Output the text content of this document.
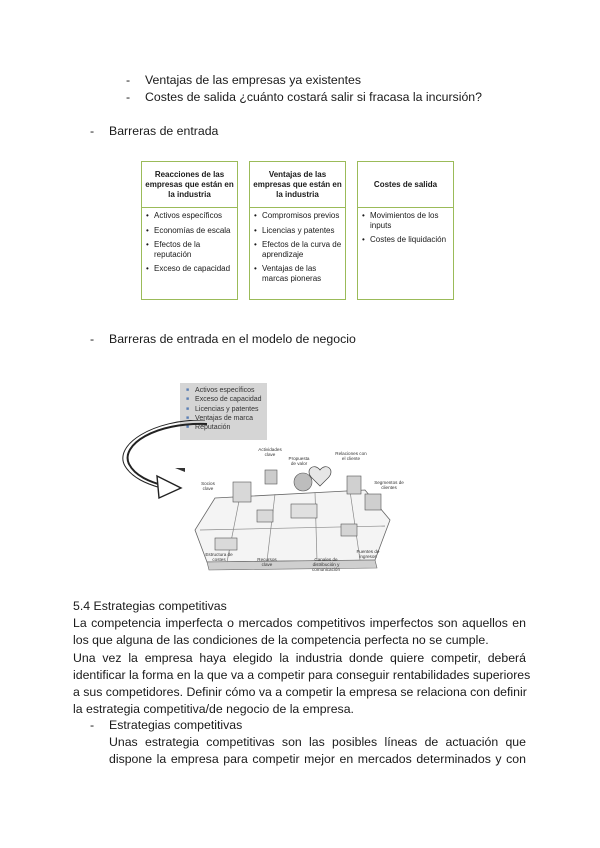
- Ventajas de las empresas ya existentes
- Costes de salida ¿cuánto costará salir si fracasa la incursión?
- Barreras de entrada
Reacciones de las empresas que están en la industria
• Activos específicos
• Economías de escala
• Efectos de la reputación
• Exceso de capacidad
Ventajas de las empresas que están en la industria
• Compromisos previos
• Licencias y patentes
• Efectos de la curva de aprendizaje
• Ventajas de las marcas pioneras
Costes de salida
• Movimientos de los inputs
• Costes de liquidación
- Barreras de entrada en el modelo de negocio
■ Activos específicos
■ Exceso de capacidad
■ Licencias y patentes
■ Ventajas de marca
■ Reputación
Actividades clave
Propuesta de valor
Relaciones con el cliente
Socios clave
Segmentos de clientes
Recursos clave
Estructura de costes	Canales de distribución y comunicación
Fuentes de ingresos
5.4 Estrategias competitivas
La competencia imperfecta o mercados competitivos imperfectos son aquellos en
los que alguna de las condiciones de la competencia perfecta no se cumple.
Una vez la empresa haya elegido la industria donde quiere competir, deberá
identificar la forma en la que va a competir para conseguir rentabilidades superiores
a sus competidores. Definir cómo va a competir la empresa se relaciona con definir
la estrategia competitiva/de negocio de la empresa.
- Estrategias competitivas
Unas estrategia competitivas son las posibles líneas de actuación que
dispone la empresa para competir mejor en mercados determinados y con
